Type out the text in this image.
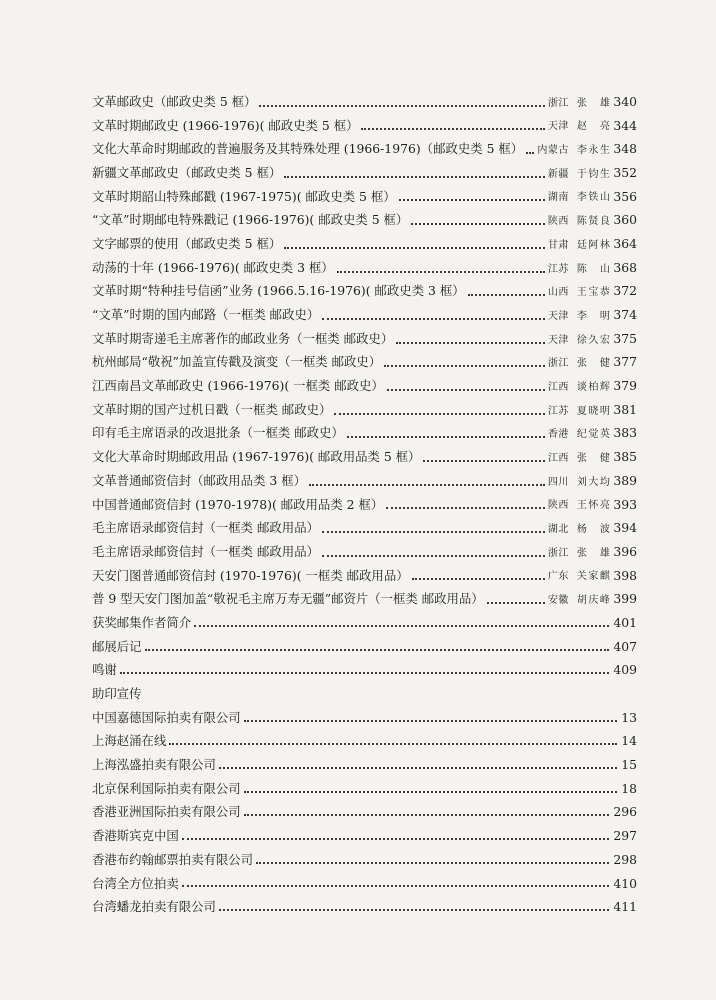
文革邮政史（邮政史类 5 框）	浙江 张　雄 340
文革时期邮政史 (1966-1976)( 邮政史类 5 框）	天津 赵　亮 344
文化大革命时期邮政的普遍服务及其特殊处理 (1966-1976)（邮政史类 5 框） 内蒙古 李永生 348
新疆文革邮政史（邮政史类 5 框）	新疆 于钧生 352
文革时期韶山特殊邮戳 (1967-1975)( 邮政史类 5 框）	湖南 李铁山 356
“文革”时期邮电特殊戳记 (1966-1976)( 邮政史类 5 框）	陕西 陈贤良 360
文字邮票的使用（邮政史类 5 框）	甘肃 廷阿林 364
动荡的十年 (1966-1976)( 邮政史类 3 框）	江苏 陈　山 368
文革时期“特种挂号信函”业务 (1966.5.16-1976)( 邮政史类 3 框）	山西 王宝恭 372
“文革”时期的国内邮路（一框类 邮政史）	天津 李　明 374
文革时期寄递毛主席著作的邮政业务（一框类 邮政史）	天津 徐久宏 375
杭州邮局“敬祝”加盖宣传戳及演变（一框类 邮政史）	浙江 张　健 377
江西南昌文革邮政史 (1966-1976)( 一框类 邮政史）	江西 谈柏辉 379
文革时期的国产过机日戳（一框类 邮政史）	江苏 夏晓明 381
印有毛主席语录的改退批条（一框类 邮政史）	香港 纪觉英 383
文化大革命时期邮政用品 (1967-1976)( 邮政用品类 5 框）	江西 张　健 385
文革普通邮资信封（邮政用品类 3 框）	四川 刘大均 389
中国普通邮资信封 (1970-1978)( 邮政用品类 2 框）	陕西 王怀亮 393
毛主席语录邮资信封（一框类 邮政用品）	湖北 杨　波 394
毛主席语录邮资信封（一框类 邮政用品）	浙江 张　雄 396
天安门图普通邮资信封 (1970-1976)( 一框类 邮政用品）	广东 关家麒 398
普 9 型天安门图加盖“敬祝毛主席万寿无疆”邮资片（一框类 邮政用品）	安徽 胡庆峰 399
获奖邮集作者简介	401
邮展后记	407
鸣谢	409
助印宣传
中国嘉德国际拍卖有限公司	13
上海赵涌在线	14
上海泓盛拍卖有限公司	15
北京保利国际拍卖有限公司	18
香港亚洲国际拍卖有限公司	296
香港斯宾克中国	297
香港布约翰邮票拍卖有限公司	298
台湾全方位拍卖	410
台湾蟠龙拍卖有限公司	411
